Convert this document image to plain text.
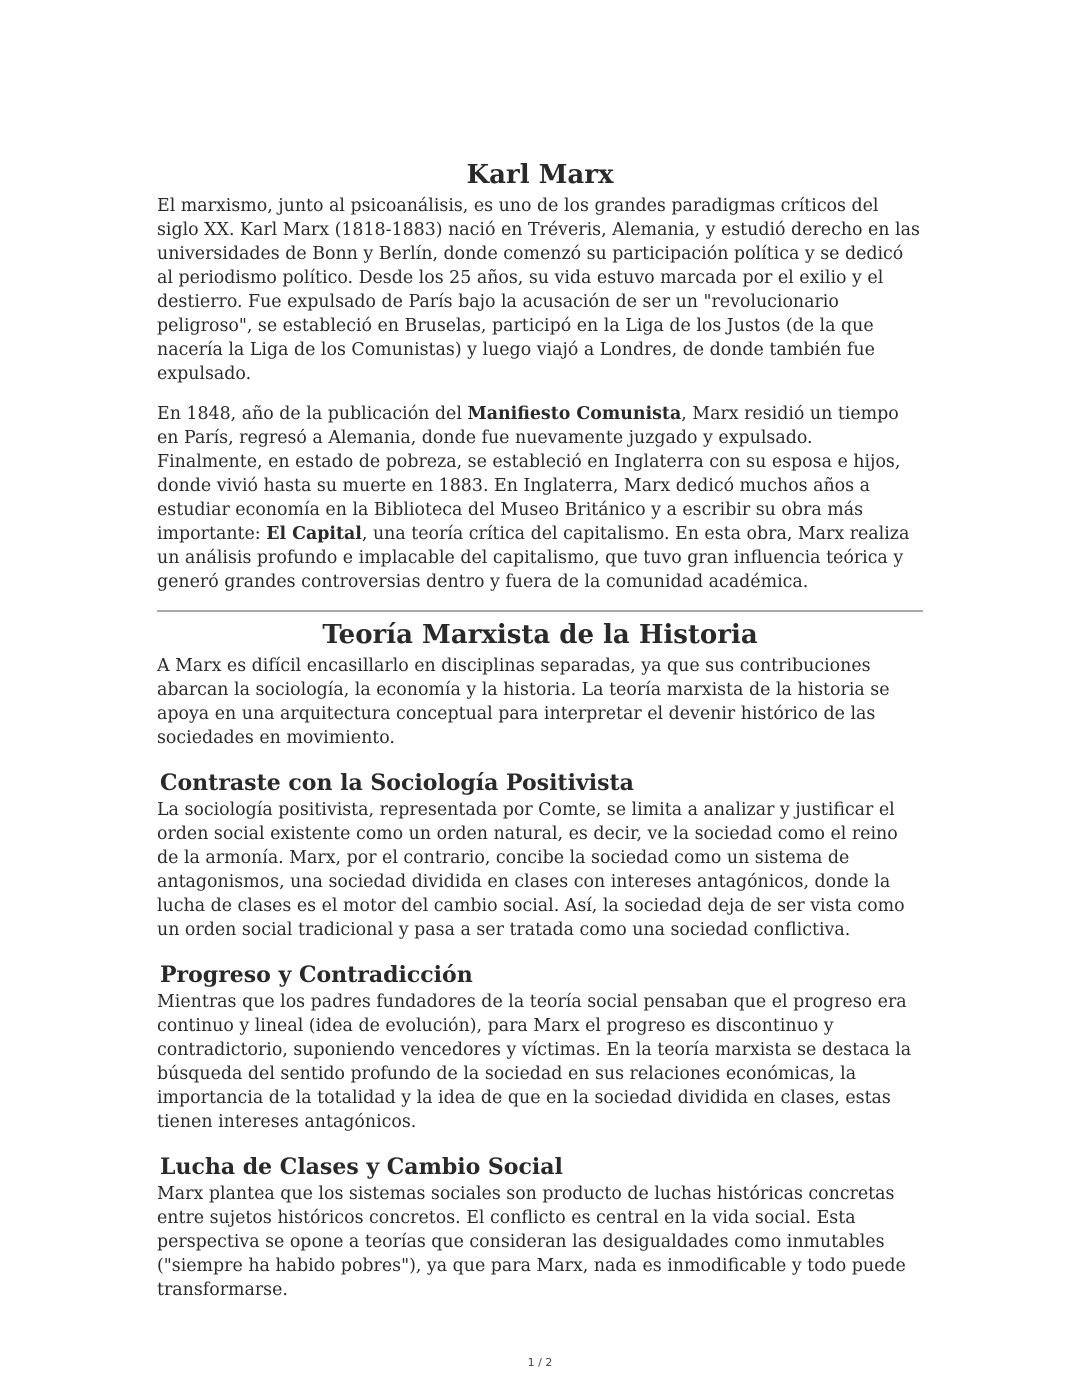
Karl Marx

El marxismo, junto al psicoanálisis, es uno de los grandes paradigmas críticos del siglo XX. Karl Marx (1818-1883) nació en Tréveris, Alemania, y estudió derecho en las universidades de Bonn y Berlín, donde comenzó su participación política y se dedicó al periodismo político. Desde los 25 años, su vida estuvo marcada por el exilio y el destierro. Fue expulsado de París bajo la acusación de ser un "revolucionario peligroso", se estableció en Bruselas, participó en la Liga de los Justos (de la que nacería la Liga de los Comunistas) y luego viajó a Londres, de donde también fue expulsado.

En 1848, año de la publicación del Manifiesto Comunista, Marx residió un tiempo en París, regresó a Alemania, donde fue nuevamente juzgado y expulsado. Finalmente, en estado de pobreza, se estableció en Inglaterra con su esposa e hijos, donde vivió hasta su muerte en 1883. En Inglaterra, Marx dedicó muchos años a estudiar economía en la Biblioteca del Museo Británico y a escribir su obra más importante: El Capital, una teoría crítica del capitalismo. En esta obra, Marx realiza un análisis profundo e implacable del capitalismo, que tuvo gran influencia teórica y generó grandes controversias dentro y fuera de la comunidad académica.

Teoría Marxista de la Historia

A Marx es difícil encasillarlo en disciplinas separadas, ya que sus contribuciones abarcan la sociología, la economía y la historia. La teoría marxista de la historia se apoya en una arquitectura conceptual para interpretar el devenir histórico de las sociedades en movimiento.

Contraste con la Sociología Positivista

La sociología positivista, representada por Comte, se limita a analizar y justificar el orden social existente como un orden natural, es decir, ve la sociedad como el reino de la armonía. Marx, por el contrario, concibe la sociedad como un sistema de antagonismos, una sociedad dividida en clases con intereses antagónicos, donde la lucha de clases es el motor del cambio social. Así, la sociedad deja de ser vista como un orden social tradicional y pasa a ser tratada como una sociedad conflictiva.

Progreso y Contradicción

Mientras que los padres fundadores de la teoría social pensaban que el progreso era continuo y lineal (idea de evolución), para Marx el progreso es discontinuo y contradictorio, suponiendo vencedores y víctimas. En la teoría marxista se destaca la búsqueda del sentido profundo de la sociedad en sus relaciones económicas, la importancia de la totalidad y la idea de que en la sociedad dividida en clases, estas tienen intereses antagónicos.

Lucha de Clases y Cambio Social

Marx plantea que los sistemas sociales son producto de luchas históricas concretas entre sujetos históricos concretos. El conflicto es central en la vida social. Esta perspectiva se opone a teorías que consideran las desigualdades como inmutables ("siempre ha habido pobres"), ya que para Marx, nada es inmodificable y todo puede transformarse.

1 / 2
